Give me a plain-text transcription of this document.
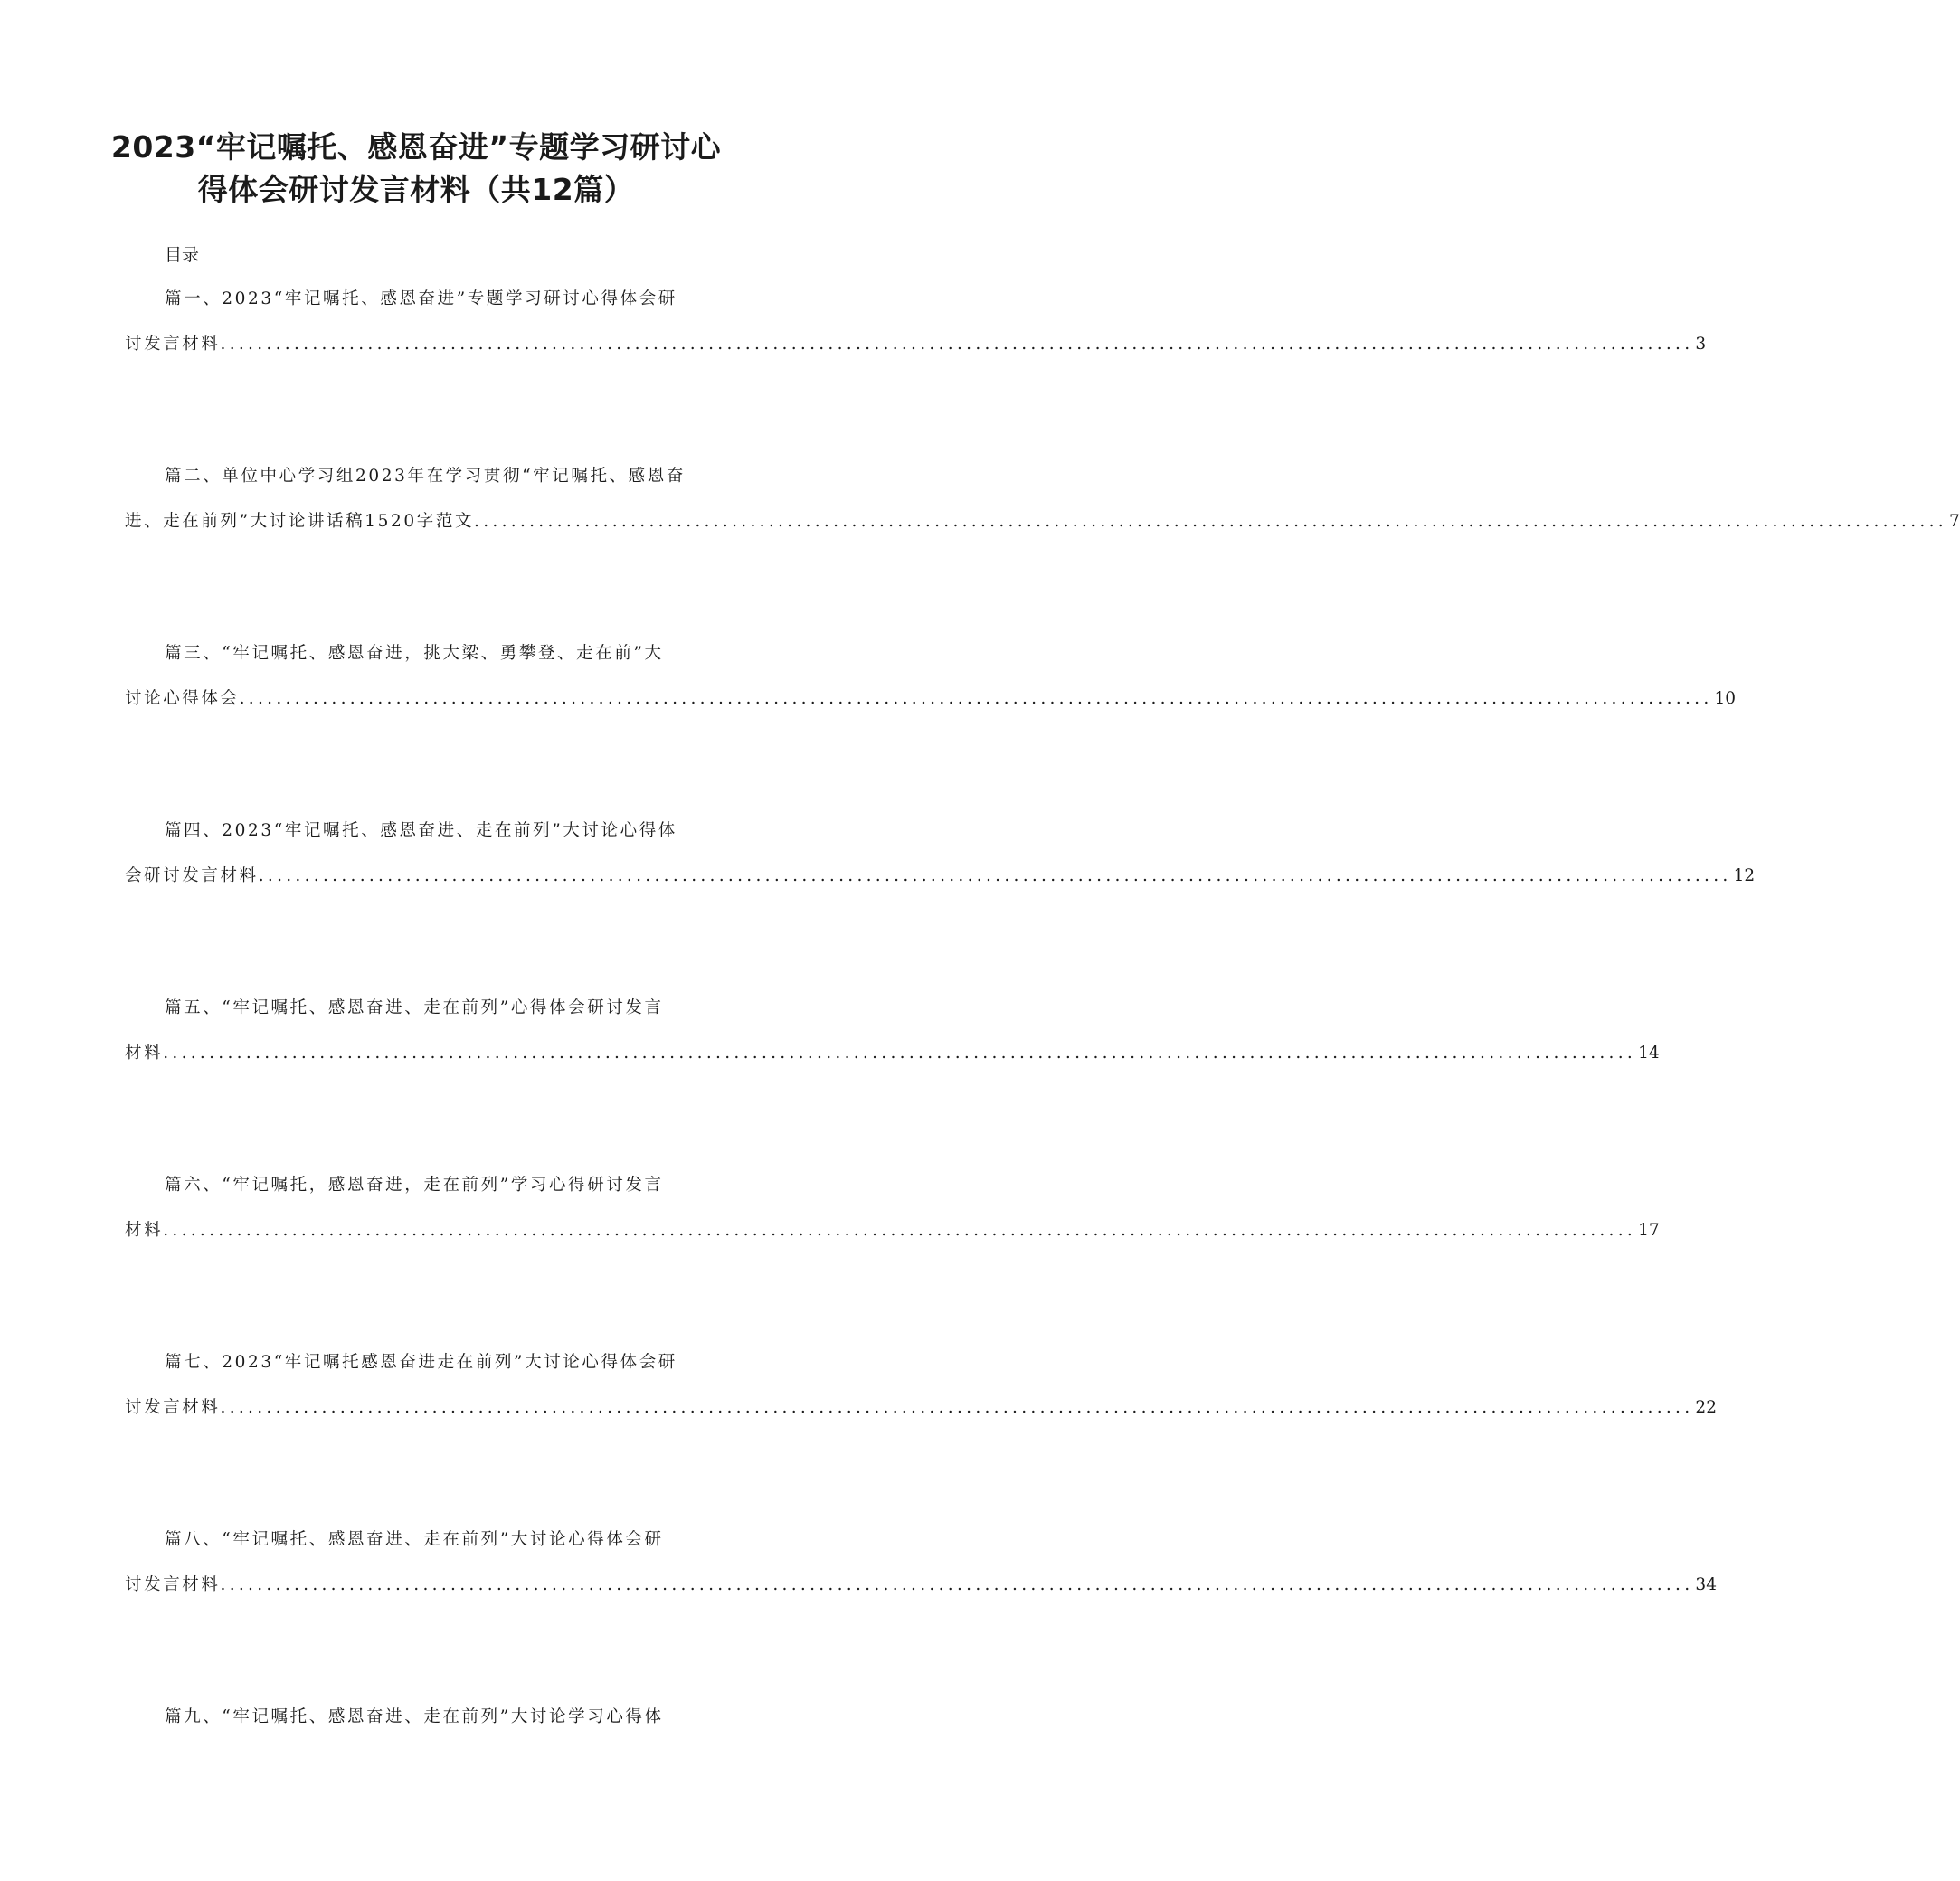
2023“牢记嘱托、感恩奋进”专题学习研讨心
得体会研讨发言材料（共12篇）
目录
篇一、2023“牢记嘱托、感恩奋进”专题学习研讨心得体会研
讨发言材料 ................................................................................................................................................................ 3
篇二、单位中心学习组2023年在学习贯彻“牢记嘱托、感恩奋
进、走在前列”大讨论讲话稿1520字范文 ................................................................................................................................................................ 7
篇三、“牢记嘱托、感恩奋进，挑大梁、勇攀登、走在前”大
讨论心得体会 ................................................................................................................................................................ 10
篇四、2023“牢记嘱托、感恩奋进、走在前列”大讨论心得体
会研讨发言材料 ................................................................................................................................................................ 12
篇五、“牢记嘱托、感恩奋进、走在前列”心得体会研讨发言
材料 ................................................................................................................................................................ 14
篇六、“牢记嘱托，感恩奋进，走在前列”学习心得研讨发言
材料 ................................................................................................................................................................ 17
篇七、2023“牢记嘱托感恩奋进走在前列”大讨论心得体会研
讨发言材料 ................................................................................................................................................................ 22
篇八、“牢记嘱托、感恩奋进、走在前列”大讨论心得体会研
讨发言材料 ................................................................................................................................................................ 34
篇九、“牢记嘱托、感恩奋进、走在前列”大讨论学习心得体
